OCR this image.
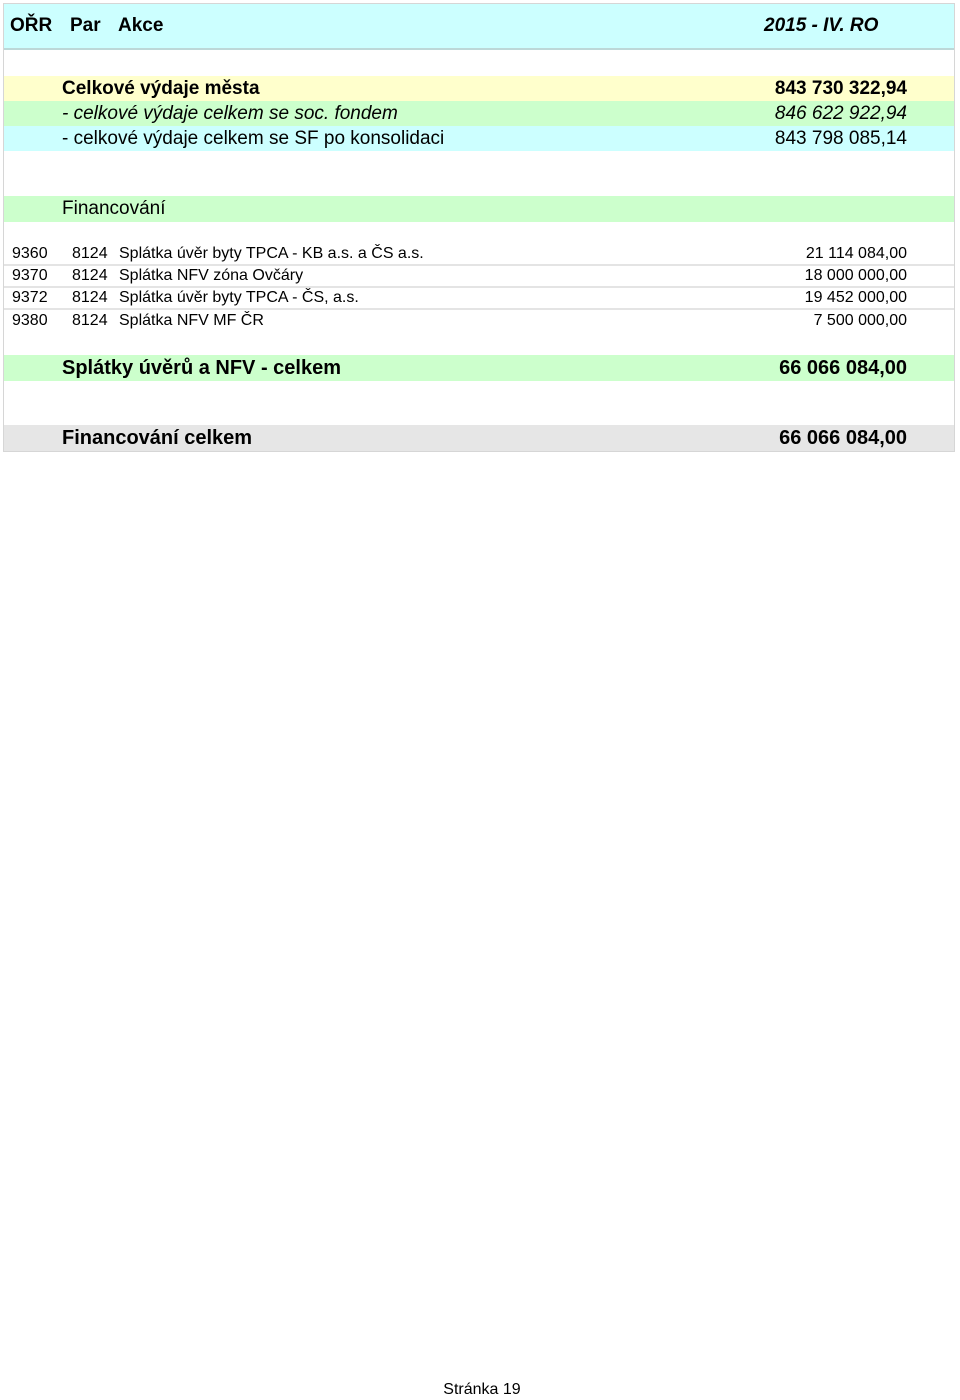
OŘR Par Akce	2015 - IV. RO
Celkové výdaje města	843 730 322,94
- celkové výdaje celkem se soc. fondem	846 622 922,94
- celkové výdaje celkem se SF po konsolidaci	843 798 085,14
Financování
9360 8124 Splátka úvěr byty TPCA - KB a.s. a ČS a.s.	21 114 084,00
9370 8124 Splátka NFV zóna Ovčáry	18 000 000,00
9372 8124 Splátka úvěr byty TPCA - ČS, a.s.	19 452 000,00
9380 8124 Splátka NFV MF ČR	7 500 000,00
Splátky úvěrů a NFV - celkem	66 066 084,00
Financování celkem	66 066 084,00
Stránka 19
